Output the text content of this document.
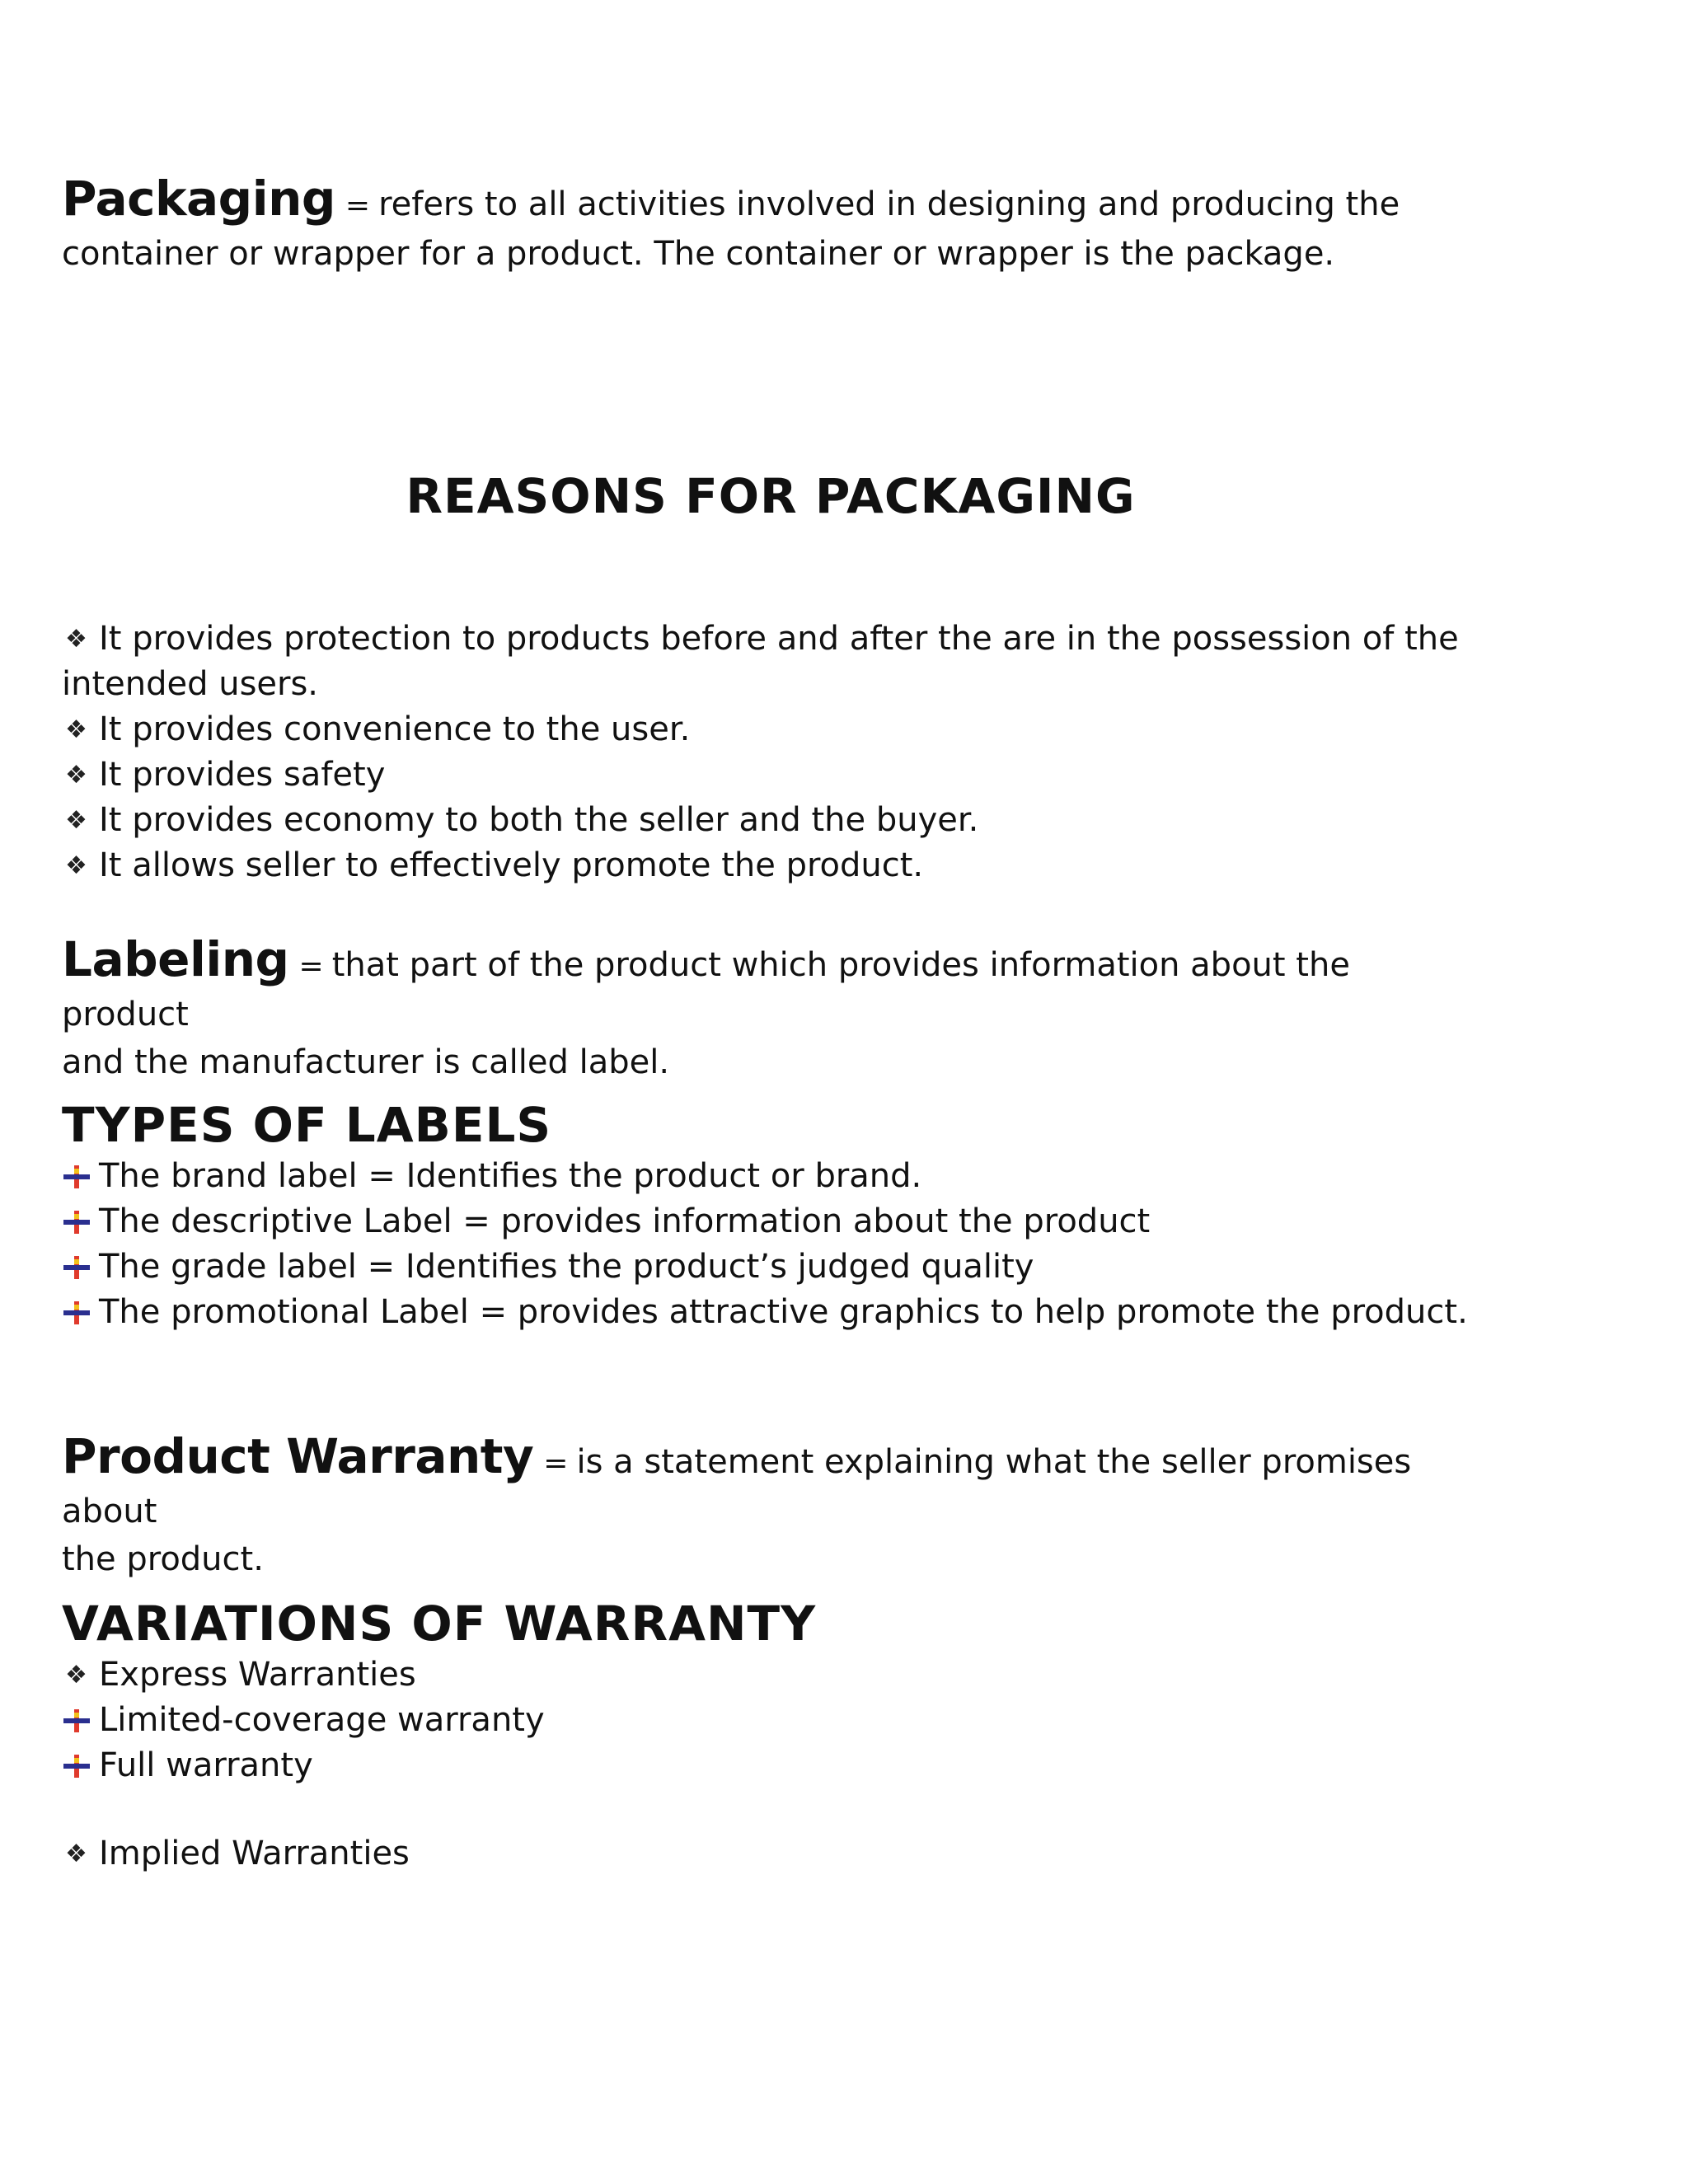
Packaging = refers to all activities involved in designing and producing the
container or wrapper for a product. The container or wrapper is the package.
REASONS FOR PACKAGING
❖ It provides protection to products before and after the are in the possession of the
intended users.
❖ It provides convenience to the user.
❖ It provides safety
❖ It provides economy to both the seller and the buyer.
❖ It allows seller to effectively promote the product.
Labeling = that part of the product which provides information about the product
and the manufacturer is called label.
TYPES OF LABELS
The brand label = Identifies the product or brand.
The descriptive Label = provides information about the product
The grade label = Identifies the product’s judged quality
The promotional Label = provides attractive graphics to help promote the product.
Product Warranty = is a statement explaining what the seller promises about
the product.
VARIATIONS OF WARRANTY
❖ Express Warranties
Limited-coverage warranty
Full warranty
❖ Implied Warranties
